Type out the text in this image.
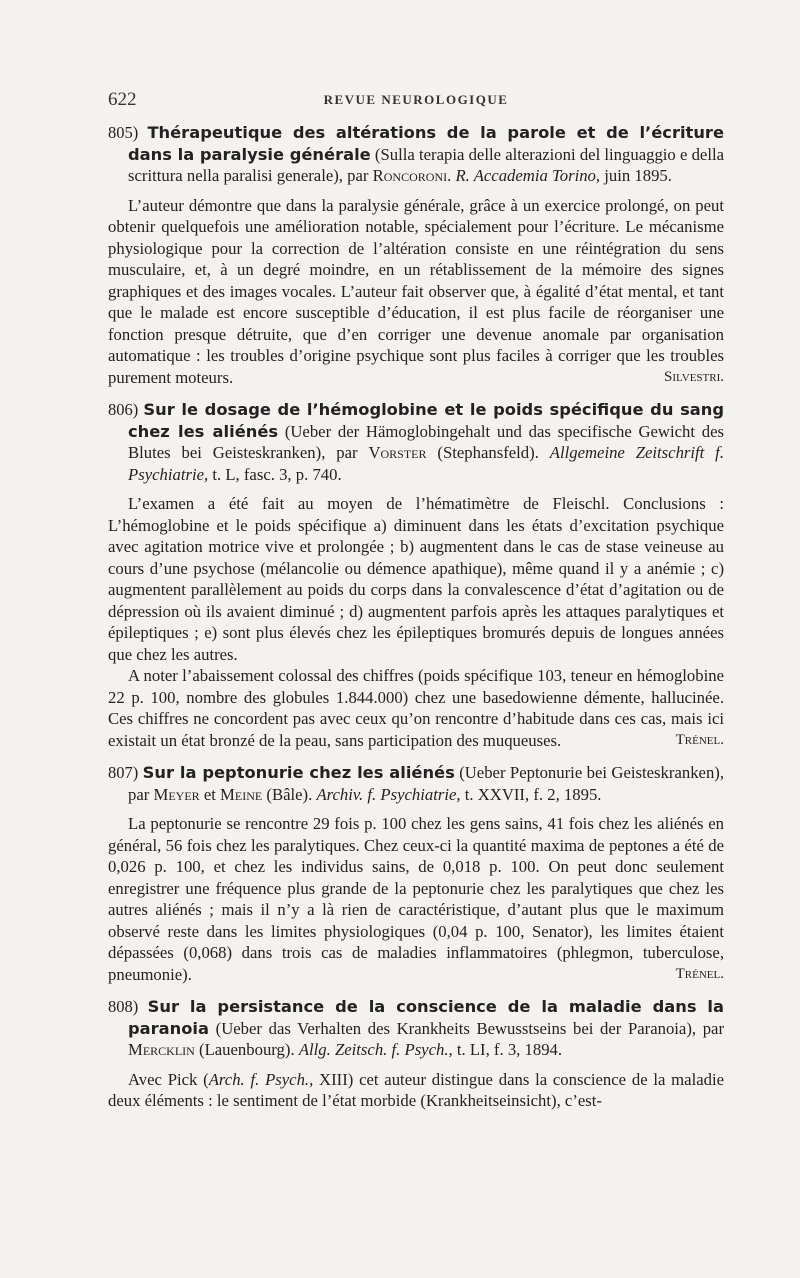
622	REVUE NEUROLOGIQUE

805) Thérapeutique des altérations de la parole et de l’écriture dans la paralysie générale (Sulla terapia delle alterazioni del linguaggio e della scrittura nella paralisi generale), par Roncoroni. R. Accademia Torino, juin 1895.

L’auteur démontre que dans la paralysie générale, grâce à un exercice prolongé, on peut obtenir quelquefois une amélioration notable, spécialement pour l’écriture. Le mécanisme physiologique pour la correction de l’altération consiste en une réintégration du sens musculaire, et, à un degré moindre, en un rétablissement de la mémoire des signes graphiques et des images vocales. L’auteur fait observer que, à égalité d’état mental, et tant que le malade est encore susceptible d’éducation, il est plus facile de réorganiser une fonction presque détruite, que d’en corriger une devenue anomale par organisation automatique : les troubles d’origine psychique sont plus faciles à corriger que les troubles purement moteurs.	Silvestri.

806) Sur le dosage de l’hémoglobine et le poids spécifique du sang chez les aliénés (Ueber der Hämoglobingehalt und das specifische Gewicht des Blutes bei Geisteskranken), par Vorster (Stephansfeld). Allgemeine Zeitschrift f. Psychiatrie, t. L, fasc. 3, p. 740.

L’examen a été fait au moyen de l’hématimètre de Fleischl. Conclusions : L’hémoglobine et le poids spécifique a) diminuent dans les états d’excitation psychique avec agitation motrice vive et prolongée ; b) augmentent dans le cas de stase veineuse au cours d’une psychose (mélancolie ou démence apathique), même quand il y a anémie ; c) augmentent parallèlement au poids du corps dans la convalescence d’état d’agitation ou de dépression où ils avaient diminué ; d) augmentent parfois après les attaques paralytiques et épileptiques ; e) sont plus élevés chez les épileptiques bromurés depuis de longues années que chez les autres.

A noter l’abaissement colossal des chiffres (poids spécifique 103, teneur en hémoglobine 22 p. 100, nombre des globules 1.844.000) chez une basedowienne démente, hallucinée. Ces chiffres ne concordent pas avec ceux qu’on rencontre d’habitude dans ces cas, mais ici existait un état bronzé de la peau, sans participation des muqueuses.	Trénel.

807) Sur la peptonurie chez les aliénés (Ueber Peptonurie bei Geisteskranken), par Meyer et Meine (Bâle). Archiv. f. Psychiatrie, t. XXVII, f. 2, 1895.

La peptonurie se rencontre 29 fois p. 100 chez les gens sains, 41 fois chez les aliénés en général, 56 fois chez les paralytiques. Chez ceux-ci la quantité maxima de peptones a été de 0,026 p. 100, et chez les individus sains, de 0,018 p. 100. On peut donc seulement enregistrer une fréquence plus grande de la peptonurie chez les paralytiques que chez les autres aliénés ; mais il n’y a là rien de caractéristique, d’autant plus que le maximum observé reste dans les limites physiologiques (0,04 p. 100, Senator), les limites étaient dépassées (0,068) dans trois cas de maladies inflammatoires (phlegmon, tuberculose, pneumonie).	Trénel.

808) Sur la persistance de la conscience de la maladie dans la paranoia (Ueber das Verhalten des Krankheits Bewusstseins bei der Paranoia), par Mercklin (Lauenbourg). Allg. Zeitsch. f. Psych., t. LI, f. 3, 1894.

Avec Pick (Arch. f. Psych., XIII) cet auteur distingue dans la conscience de la maladie deux éléments : le sentiment de l’état morbide (Krankheitseinsicht), c’est-
